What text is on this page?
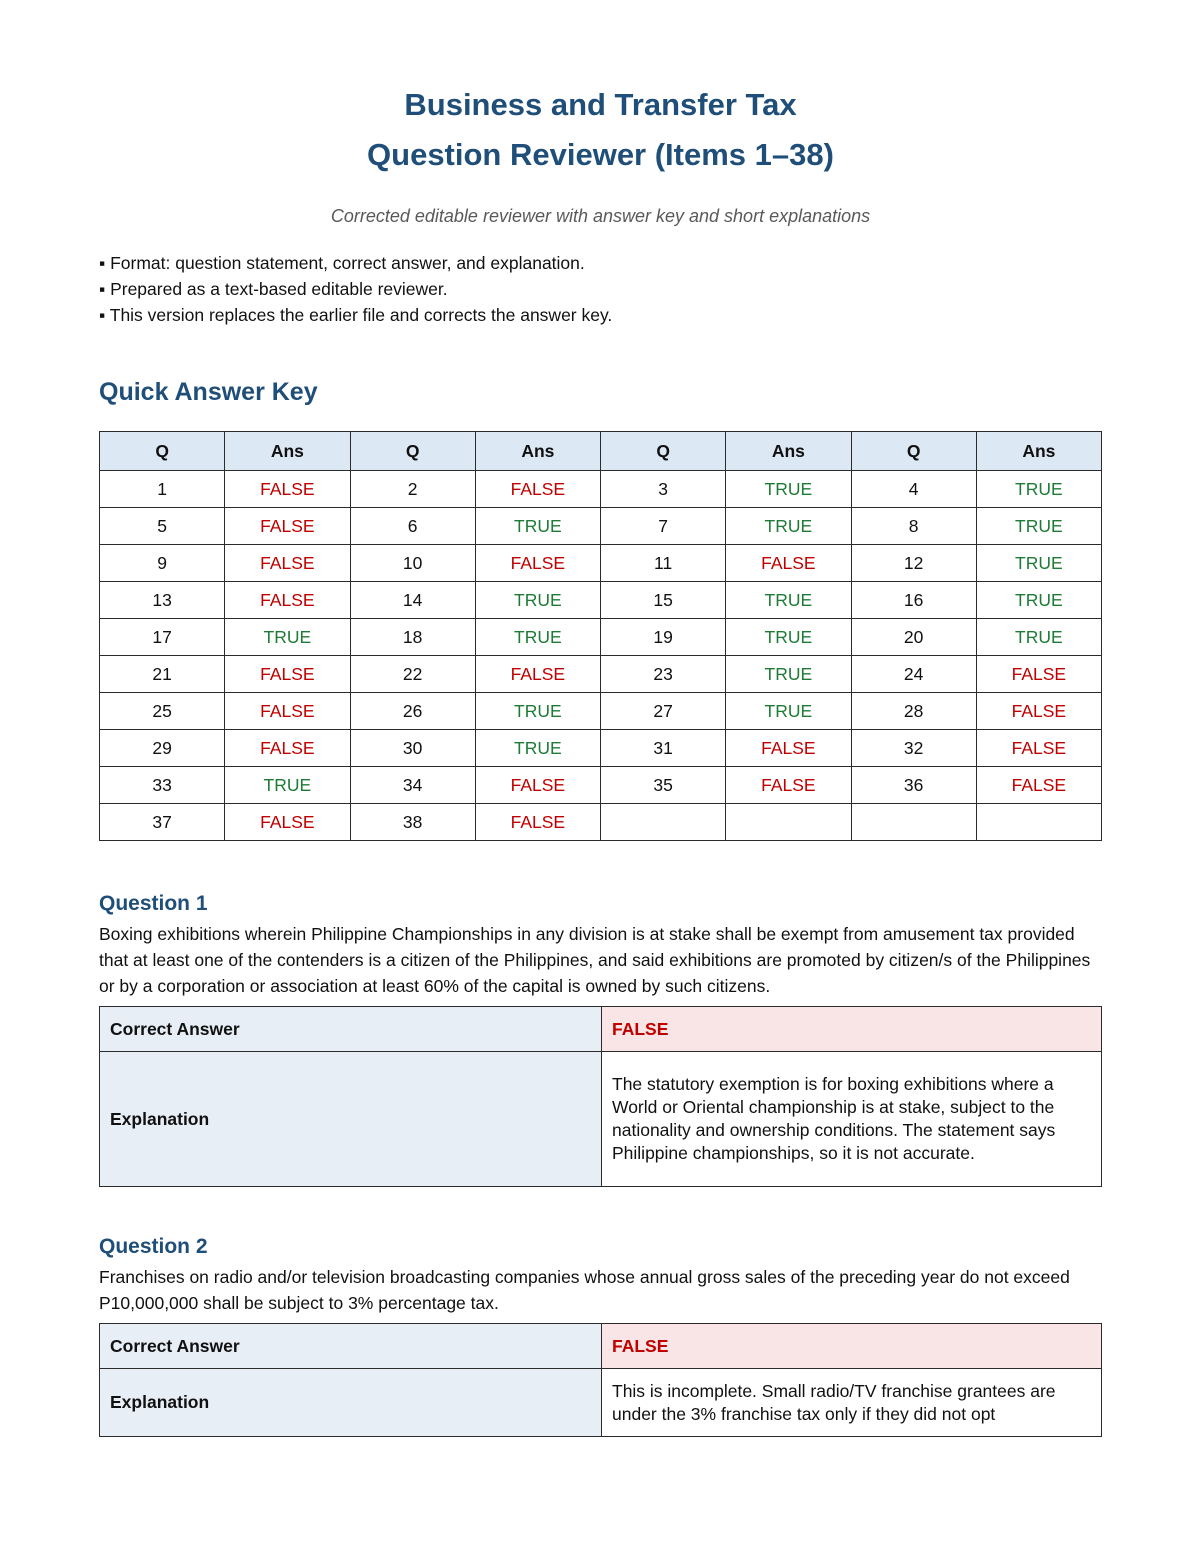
Business and Transfer Tax
Question Reviewer (Items 1–38)
Corrected editable reviewer with answer key and short explanations
▪ Format: question statement, correct answer, and explanation.
▪ Prepared as a text-based editable reviewer.
▪ This version replaces the earlier file and corrects the answer key.
Quick Answer Key
Q	Ans	Q	Ans	Q	Ans	Q	Ans
1	FALSE	2	FALSE	3	TRUE	4	TRUE
5	FALSE	6	TRUE	7	TRUE	8	TRUE
9	FALSE	10	FALSE	11	FALSE	12	TRUE
13	FALSE	14	TRUE	15	TRUE	16	TRUE
17	TRUE	18	TRUE	19	TRUE	20	TRUE
21	FALSE	22	FALSE	23	TRUE	24	FALSE
25	FALSE	26	TRUE	27	TRUE	28	FALSE
29	FALSE	30	TRUE	31	FALSE	32	FALSE
33	TRUE	34	FALSE	35	FALSE	36	FALSE
37	FALSE	38	FALSE				
Question 1
Boxing exhibitions wherein Philippine Championships in any division is at stake shall be exempt from amusement tax provided that at least one of the contenders is a citizen of the Philippines, and said exhibitions are promoted by citizen/s of the Philippines or by a corporation or association at least 60% of the capital is owned by such citizens.
Correct Answer	FALSE
Explanation	The statutory exemption is for boxing exhibitions where a World or Oriental championship is at stake, subject to the nationality and ownership conditions. The statement says Philippine championships, so it is not accurate.
Question 2
Franchises on radio and/or television broadcasting companies whose annual gross sales of the preceding year do not exceed P10,000,000 shall be subject to 3% percentage tax.
Correct Answer	FALSE
Explanation	This is incomplete. Small radio/TV franchise grantees are under the 3% franchise tax only if they did not opt
